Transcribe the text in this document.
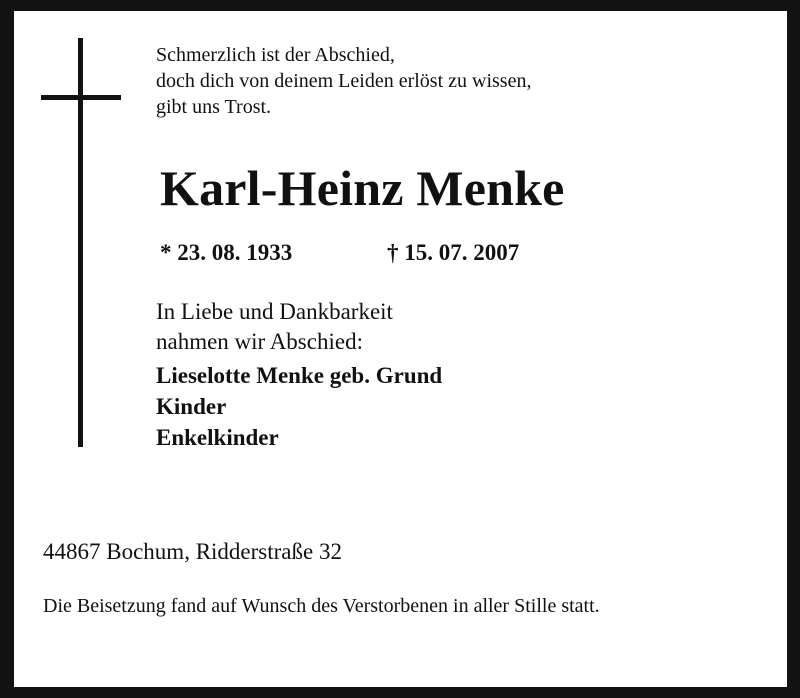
Schmerzlich ist der Abschied,
doch dich von deinem Leiden erlöst zu wissen,
gibt uns Trost.
Karl-Heinz Menke
* 23. 08. 1933	† 15. 07. 2007
In Liebe und Dankbarkeit
nahmen wir Abschied:
Lieselotte Menke geb. Grund
Kinder
Enkelkinder
44867 Bochum, Ridderstraße 32
Die Beisetzung fand auf Wunsch des Verstorbenen in aller Stille statt.
